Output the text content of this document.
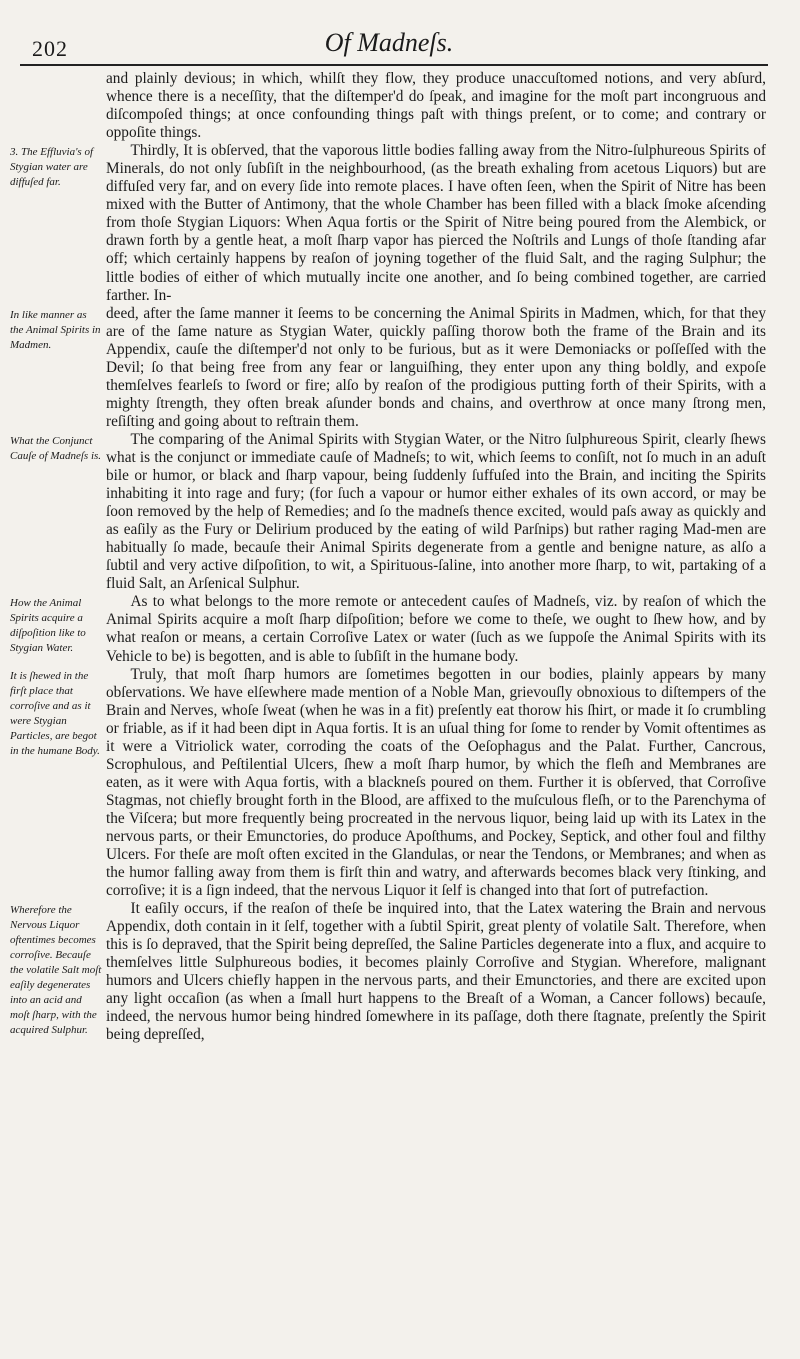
202	Of Madneſs.

and plainly devious; in which, whilſt they flow, they produce unaccuſtomed notions, and very abſurd, whence there is a neceſſity, that the diſtemper'd do ſpeak, and imagine for the moſt part incongruous and diſcompoſed things; at once confounding things paſt with things preſent, or to come; and contrary or oppoſite things.

3. The Effluvia's of Stygian water are diffuſed far.

Thirdly, It is obſerved, that the vaporous little bodies falling away from the Nitro-ſulphureous Spirits of Minerals, do not only ſubſiſt in the neighbourhood, (as the breath exhaling from acetous Liquors) but are diffuſed very far, and on every ſide into remote places. I have often ſeen, when the Spirit of Nitre has been mixed with the Butter of Antimony, that the whole Chamber has been filled with a black ſmoke aſcending from thoſe Stygian Liquors: When Aqua fortis or the Spirit of Nitre being poured from the Alembick, or drawn forth by a gentle heat, a moſt ſharp vapor has pierced the Noſtrils and Lungs of thoſe ſtanding afar off; which certainly happens by reaſon of joyning together of the fluid Salt, and the raging Sulphur; the little bodies of either of which mutually incite one another, and ſo being combined together, are carried farther. In-

In like manner as the Animal Spirits in Madmen.

deed, after the ſame manner it ſeems to be concerning the Animal Spirits in Madmen, which, for that they are of the ſame nature as Stygian Water, quickly paſſing thorow both the frame of the Brain and its Appendix, cauſe the diſtemper'd not only to be furious, but as it were Demoniacks or poſſeſſed with the Devil; ſo that being free from any fear or languiſhing, they enter upon any thing boldly, and expoſe themſelves fearleſs to ſword or fire; alſo by reaſon of the prodigious putting forth of their Spirits, with a mighty ſtrength, they often break aſunder bonds and chains, and overthrow at once many ſtrong men, reſiſting and going about to reſtrain them.

What the Conjunct Cauſe of Madneſs is.

The comparing of the Animal Spirits with Stygian Water, or the Nitro ſulphureous Spirit, clearly ſhews what is the conjunct or immediate cauſe of Madneſs; to wit, which ſeems to conſiſt, not ſo much in an aduſt bile or humor, or black and ſharp vapour, being ſuddenly ſuffuſed into the Brain, and inciting the Spirits inhabiting it into rage and fury; (for ſuch a vapour or humor either exhales of its own accord, or may be ſoon removed by the help of Remedies; and ſo the madneſs thence excited, would paſs away as quickly and as eaſily as the Fury or Delirium produced by the eating of wild Parſnips) but rather raging Mad-men are habitually ſo made, becauſe their Animal Spirits degenerate from a gentle and benigne nature, as alſo a ſubtil and very active diſpoſition, to wit, a Spirituous-ſaline, into another more ſharp, to wit, partaking of a fluid Salt, an Arſenical Sulphur.

How the Animal Spirits acquire a diſpoſition like to Stygian Water.

As to what belongs to the more remote or antecedent cauſes of Madneſs, viz. by reaſon of which the Animal Spirits acquire a moſt ſharp diſpoſition; before we come to theſe, we ought to ſhew how, and by what reaſon or means, a certain Corroſive Latex or water (ſuch as we ſuppoſe the Animal Spirits with its Vehicle to be) is begotten, and is able to ſubſiſt in the humane body.

It is ſhewed in the firſt place that corroſive and as it were Stygian Particles, are begot in the humane Body.

Truly, that moſt ſharp humors are ſometimes begotten in our bodies, plainly appears by many obſervations. We have elſewhere made mention of a Noble Man, grievouſly obnoxious to diſtempers of the Brain and Nerves, whoſe ſweat (when he was in a fit) preſently eat thorow his ſhirt, or made it ſo crumbling or friable, as if it had been dipt in Aqua fortis. It is an uſual thing for ſome to render by Vomit oftentimes as it were a Vitriolick water, corroding the coats of the Oeſophagus and the Palat. Further, Cancrous, Scrophulous, and Peſtilential Ulcers, ſhew a moſt ſharp humor, by which the fleſh and Membranes are eaten, as it were with Aqua fortis, with a blackneſs poured on them. Further it is obſerved, that Corroſive Stagmas, not chiefly brought forth in the Blood, are affixed to the muſculous fleſh, or to the Parenchyma of the Viſcera; but more frequently being procreated in the nervous liquor, being laid up with its Latex in the nervous parts, or their Emunctories, do produce Apoſthums, and Pockey, Septick, and other foul and filthy Ulcers. For theſe are moſt often excited in the Glandulas, or near the Tendons, or Membranes; and when as the humor falling away from them is firſt thin and watry, and afterwards becomes black very ſtinking, and corroſive; it is a ſign indeed, that the nervous Liquor it ſelf is changed into that ſort of putrefaction.

Wherefore the Nervous Liquor oftentimes becomes corroſive. Becauſe the volatile Salt moſt eaſily degenerates into an acid and moſt ſharp, with the acquired Sulphur.

It eaſily occurs, if the reaſon of theſe be inquired into, that the Latex watering the Brain and nervous Appendix, doth contain in it ſelf, together with a ſubtil Spirit, great plenty of volatile Salt. Therefore, when this is ſo depraved, that the Spirit being depreſſed, the Saline Particles degenerate into a flux, and acquire to themſelves little Sulphureous bodies, it becomes plainly Corroſive and Stygian. Wherefore, malignant humors and Ulcers chiefly happen in the nervous parts, and their Emunctories, and there are excited upon any light occaſion (as when a ſmall hurt happens to the Breaſt of a Woman, a Cancer follows) becauſe, indeed, the nervous humor being hindred ſomewhere in its paſſage, doth there ſtagnate, preſently the Spirit being depreſſed,
